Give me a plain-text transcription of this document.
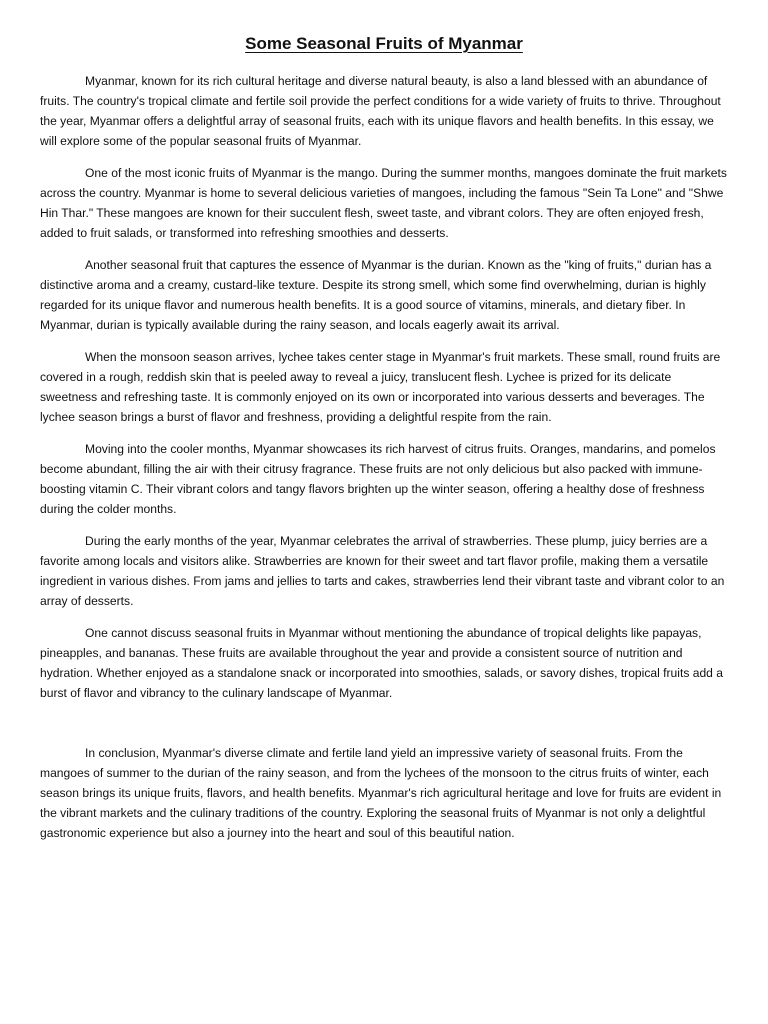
Some Seasonal Fruits of Myanmar

Myanmar, known for its rich cultural heritage and diverse natural beauty, is also a land blessed with an abundance of fruits. The country's tropical climate and fertile soil provide the perfect conditions for a wide variety of fruits to thrive. Throughout the year, Myanmar offers a delightful array of seasonal fruits, each with its unique flavors and health benefits. In this essay, we will explore some of the popular seasonal fruits of Myanmar.

One of the most iconic fruits of Myanmar is the mango. During the summer months, mangoes dominate the fruit markets across the country. Myanmar is home to several delicious varieties of mangoes, including the famous "Sein Ta Lone" and "Shwe Hin Thar." These mangoes are known for their succulent flesh, sweet taste, and vibrant colors. They are often enjoyed fresh, added to fruit salads, or transformed into refreshing smoothies and desserts.

Another seasonal fruit that captures the essence of Myanmar is the durian. Known as the "king of fruits," durian has a distinctive aroma and a creamy, custard-like texture. Despite its strong smell, which some find overwhelming, durian is highly regarded for its unique flavor and numerous health benefits. It is a good source of vitamins, minerals, and dietary fiber. In Myanmar, durian is typically available during the rainy season, and locals eagerly await its arrival.

When the monsoon season arrives, lychee takes center stage in Myanmar's fruit markets. These small, round fruits are covered in a rough, reddish skin that is peeled away to reveal a juicy, translucent flesh. Lychee is prized for its delicate sweetness and refreshing taste. It is commonly enjoyed on its own or incorporated into various desserts and beverages. The lychee season brings a burst of flavor and freshness, providing a delightful respite from the rain.

Moving into the cooler months, Myanmar showcases its rich harvest of citrus fruits. Oranges, mandarins, and pomelos become abundant, filling the air with their citrusy fragrance. These fruits are not only delicious but also packed with immune-boosting vitamin C. Their vibrant colors and tangy flavors brighten up the winter season, offering a healthy dose of freshness during the colder months.

During the early months of the year, Myanmar celebrates the arrival of strawberries. These plump, juicy berries are a favorite among locals and visitors alike. Strawberries are known for their sweet and tart flavor profile, making them a versatile ingredient in various dishes. From jams and jellies to tarts and cakes, strawberries lend their vibrant taste and vibrant color to an array of desserts.

One cannot discuss seasonal fruits in Myanmar without mentioning the abundance of tropical delights like papayas, pineapples, and bananas. These fruits are available throughout the year and provide a consistent source of nutrition and hydration. Whether enjoyed as a standalone snack or incorporated into smoothies, salads, or savory dishes, tropical fruits add a burst of flavor and vibrancy to the culinary landscape of Myanmar.

In conclusion, Myanmar's diverse climate and fertile land yield an impressive variety of seasonal fruits. From the mangoes of summer to the durian of the rainy season, and from the lychees of the monsoon to the citrus fruits of winter, each season brings its unique fruits, flavors, and health benefits. Myanmar's rich agricultural heritage and love for fruits are evident in the vibrant markets and the culinary traditions of the country. Exploring the seasonal fruits of Myanmar is not only a delightful gastronomic experience but also a journey into the heart and soul of this beautiful nation.
